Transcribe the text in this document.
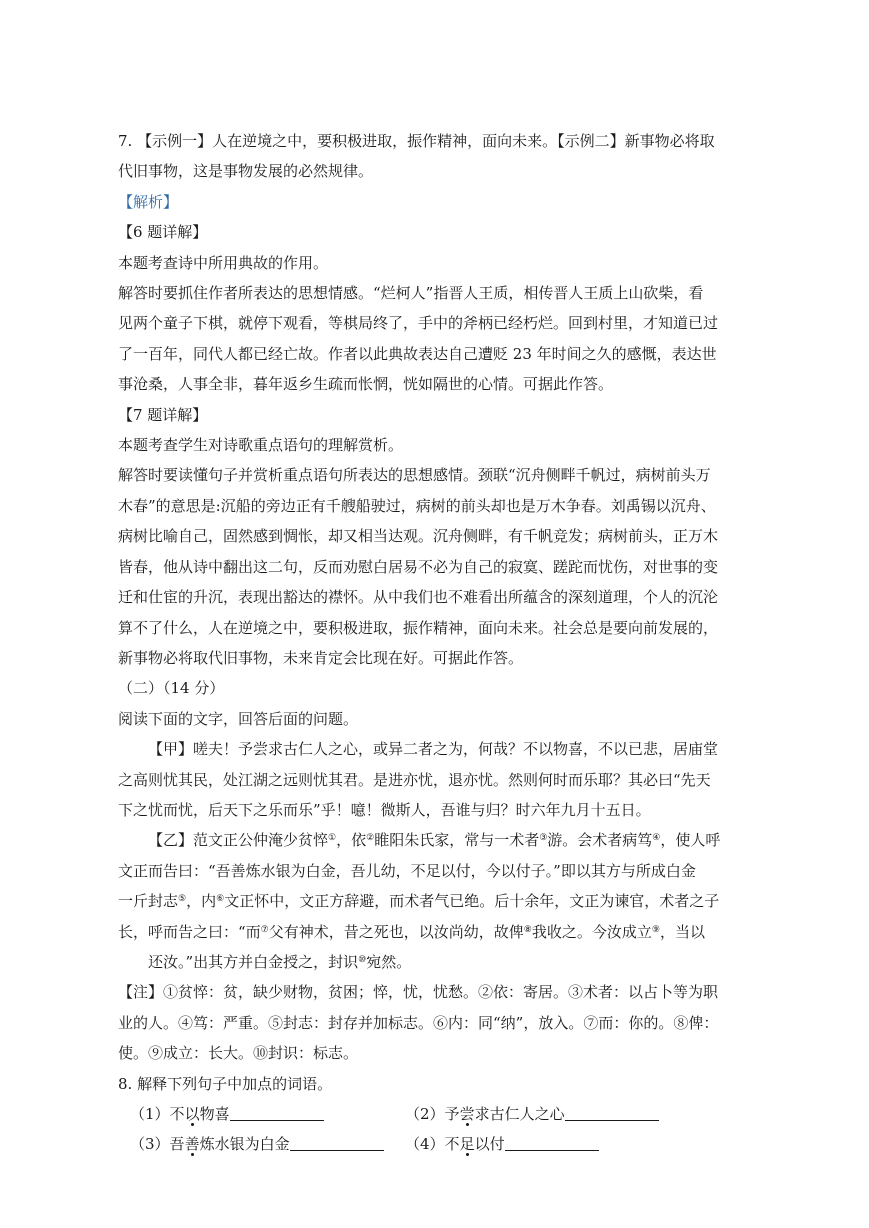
7. 【示例一】人在逆境之中，要积极进取，振作精神，面向未来。【示例二】新事物必将取
代旧事物，这是事物发展的必然规律。
【解析】
【6 题详解】
本题考查诗中所用典故的作用。
解答时要抓住作者所表达的思想情感。“烂柯人”指晋人王质，相传晋人王质上山砍柴，看
见两个童子下棋，就停下观看，等棋局终了，手中的斧柄已经朽烂。回到村里，才知道已过
了一百年，同代人都已经亡故。作者以此典故表达自己遭贬 23 年时间之久的感慨，表达世
事沧桑，人事全非，暮年返乡生疏而怅惘，恍如隔世的心情。可据此作答。
【7 题详解】
本题考查学生对诗歌重点语句的理解赏析。
解答时要读懂句子并赏析重点语句所表达的思想感情。颈联“沉舟侧畔千帆过，病树前头万
木春”的意思是:沉船的旁边正有千艘船驶过，病树的前头却也是万木争春。刘禹锡以沉舟、
病树比喻自己，固然感到惆怅，却又相当达观。沉舟侧畔，有千帆竞发；病树前头，正万木
皆春，他从诗中翻出这二句，反而劝慰白居易不必为自己的寂寞、蹉跎而忧伤，对世事的变
迁和仕宦的升沉，表现出豁达的襟怀。从中我们也不难看出所蕴含的深刻道理，个人的沉沦
算不了什么，人在逆境之中，要积极进取，振作精神，面向未来。社会总是要向前发展的，
新事物必将取代旧事物，未来肯定会比现在好。可据此作答。
（二）（14 分）
阅读下面的文字，回答后面的问题。
【甲】嗟夫！予尝求古仁人之心，或异二者之为，何哉？不以物喜，不以已悲，居庙堂
之高则忧其民，处江湖之远则忧其君。是进亦忧，退亦忧。然则何时而乐耶？其必曰“先天
下之忧而忧，后天下之乐而乐”乎！噫！微斯人，吾谁与归？时六年九月十五日。
【乙】范文正公仲淹少贫悴①，依②睢阳朱氏家，常与一术者③游。会术者病笃④，使人呼
文正而告曰：“吾善炼水银为白金，吾儿幼，不足以付，今以付子。”即以其方与所成白金
一斤封志⑤，内⑥文正怀中，文正方辞避，而术者气已绝。后十余年，文正为谏官，术者之子
长，呼而告之曰：“而⑦父有神术，昔之死也，以汝尚幼，故俾⑧我收之。今汝成立⑨，当以
还汝。”出其方并白金授之，封识⑩宛然。
【注】①贫悴：贫，缺少财物，贫困；悴，忧，忧愁。②依：寄居。③术者：以占卜等为职
业的人。④笃：严重。⑤封志：封存并加标志。⑥内：同“纳”，放入。⑦而：你的。⑧俾：
使。⑨成立：长大。⑩封识：标志。
8. 解释下列句子中加点的词语。
（1）不以物喜	（2）予尝求古仁人之心
（3）吾善炼水银为白金	（4）不足以付
